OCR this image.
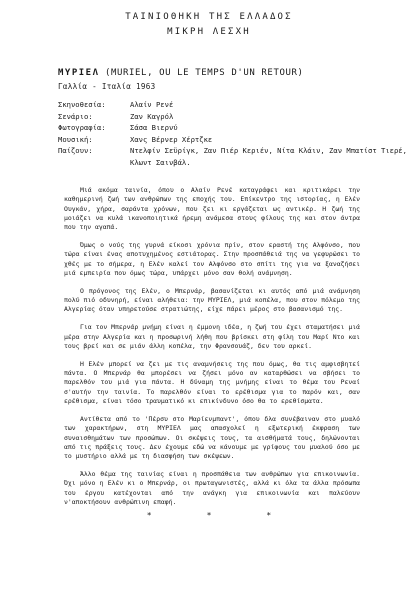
ΤΑΙΝΙΟΘΗΚΗ ΤΗΣ ΕΛΛΑΔΟΣ
ΜΙΚΡΗ ΛΕΣΧΗ
ΜΥΡΙΕΛ (MURIEL, OU LE TEMPS D'UN RETOUR)
Γαλλία - Ιταλία 1963
Σκηνοθεσία:	Αλαίν Ρενέ
Σενάριο:	Ζαν Καγρόλ
Φωτογραφία:	Σάσα Βιερνύ
Μουσική:	Χανς Βέρνερ Χέρτζκε
Παίζουν:	Ντελφίν Σεϋρίγκ, Ζαν Πιέρ Κεριέν, Νίτα Κλάιν, Ζαν Μπατίστ Τιερέ, Κλωντ Σαινβάλ.

Μιά ακόμα ταινία, όπου ο Αλαίν Ρενέ καταγράφει και κριτικάρει την καθημερινή ζωή των ανθρώπων της εποχής του. Επίκεντρο της ιστορίας, η Ελέν Ουγκάν, χήρα, σαράντα χρόνων, που ζει κι εργάζεται ως αντικέρ. Η ζωή της μοιάζει να κυλά ικανοποιητικά ήρεμη ανάμεσα στους φίλους της και στον άντρα που την αγαπά.

Όμως ο νούς της γυρνά είκοσι χρόνια πρίν, στον εραστή της Αλφόνσο, που τώρα είναι ένας αποτυχημένος εστιάτορας. Στην προσπάθειά της να γεφυρώσει το χθές με το σήμερα, η Ελέν καλεί τον Αλφόνσο στο σπίτι της για να ξαναζήσει μιά εμπειρία που όμως τώρα, υπάρχει μόνο σαν θολή ανάμνηση.

Ο πρόγονος της Ελέν, ο Μπερνάρ, βασανίζεται κι αυτός από μιά ανάμνηση πολύ πιό οδυνηρή, είναι αλήθεια: την ΜΥΡΙΕΛ, μιά κοπέλα, που στον πόλεμο της Αλγερίας όταν υπηρετούσε στρατιώτης, είχε πάρει μέρος στο βασανισμό της.

Για τον Μπερνάρ μνήμη είναι η έμμονη ιδέα, η ζωή του έχει σταματήσει μιά μέρα στην Αλγερία και η προσωρινή λήθη που βρίσκει στη φίλη του Μαρί Ντο και τους βρεί και σε μιάν άλλη κοπέλα, την Φρανσουάζ, δεν του αρκεί.

Η Ελέν μπορεί να ζει με τις αναμνήσεις της που όμως, θα τις αμφισβητεί πάντα. Ο Μπερνάρ θα μπορέσει να ζήσει μόνο αν καταρθώσει να σβήσει το παρελθόν του μιά για πάντα. Η δύναμη της μνήμης είναι το θέμα του Ρεναί σ'αυτήν την ταινία. Το παρελθόν είναι το ερέθισμα για το παρόν και, σαν ερέθισμα, είναι τόσο τραυματικό κι επικίνδυνο όσο θα το ερεθίσματα.

Αντίθετα από το 'Πέρσυ στο Μαρίενμπαντ', όπου δλα συνέβαιναν στο μυαλό των χαρακτήρων, στη ΜΥΡΙΕΛ μας απασχολεί η εξωτερική έκφραση των συναισθημάτων των προσώπων. Οι σκέψεις τους, τα αισθήματά τους, δηλώνονται από τις πράξεις τους. Δεν έχουμε εδώ να κάνουμε με γρίφους του μυαλού όσο με το μυστήριο αλλά με τη διασφήση των σκέψεων.

Άλλο θέμα της ταινίας είναι η προσπάθεια των ανθρώπων για επικοινωνία. Όχι μόνο η Ελέν κι ο Μπερνάρ, οι πρωταγωνιστές, αλλά κι όλα τα άλλα πρόσωπα του έργου κατέχονται από την ανάγκη για επικοινωνία και παλεύουν ν'αποκτήσουν ανθρώπινη επαφή.

*	*	*
